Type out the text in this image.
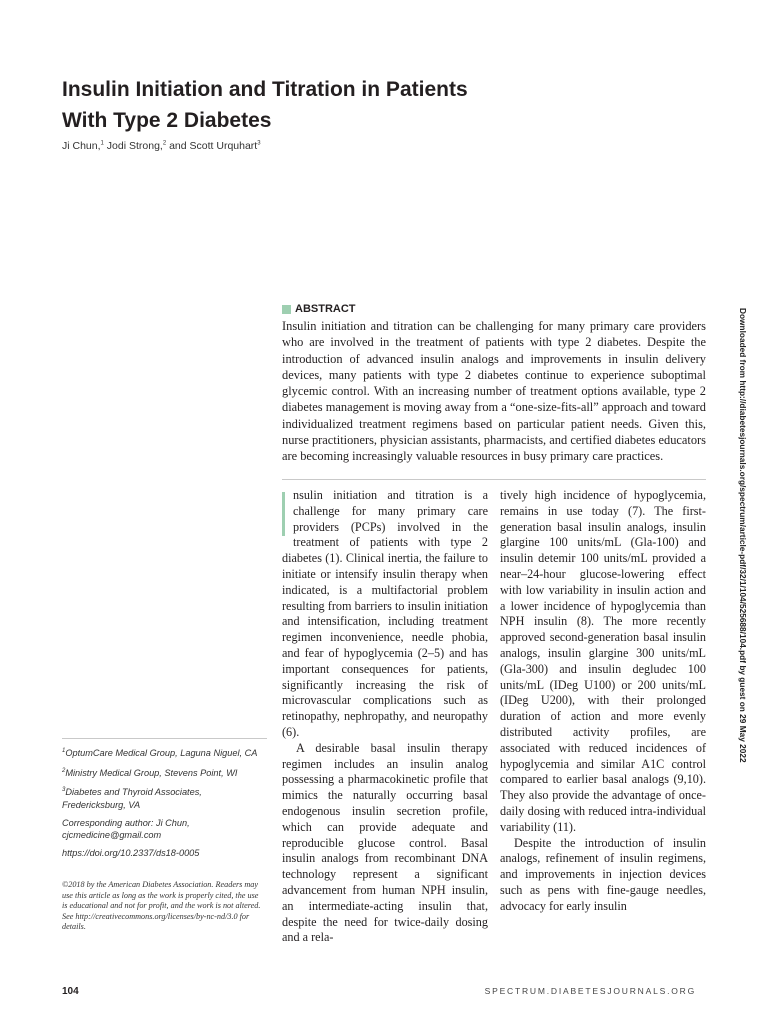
Insulin Initiation and Titration in Patients
With Type 2 Diabetes
Ji Chun,$^1$ Jodi Strong,$^2$ and Scott Urquhart$^3$
ABSTRACT

Insulin initiation and titration can be challenging for many primary care providers who are involved in the treatment of patients with type 2 diabetes. Despite the introduction of advanced insulin analogs and improvements in insulin delivery devices, many patients with type 2 diabetes continue to experience suboptimal glycemic control. With an increasing number of treatment options available, type 2 diabetes management is moving away from a “one-size-fits-all” approach and toward individualized treatment regimens based on particular patient needs. Given this, nurse practitioners, physician assistants, pharmacists, and certified diabetes educators are becoming increasingly valuable resources in busy primary care practices.

nsulin initiation and titration is a challenge for many primary care providers (PCPs) involved in the treatment of patients with type 2 diabetes (1). Clinical inertia, the failure to initiate or intensify insulin therapy when indicated, is a multifactorial problem resulting from barriers to insulin initiation and intensification, including treatment regimen inconvenience, needle phobia, and fear of hypoglycemia (2–5) and has important consequences for patients, significantly increasing the risk of microvascular complications such as retinopathy, nephropathy, and neuropathy (6).

A desirable basal insulin therapy regimen includes an insulin analog possessing a pharmacokinetic profile that mimics the naturally occurring basal endogenous insulin secretion profile, which can provide adequate and reproducible glucose control. Basal insulin analogs from recombinant DNA technology represent a significant advancement from human NPH insulin, an intermediate-acting insulin that, despite the need for twice-daily dosing and a rela-

tively high incidence of hypoglycemia, remains in use today (7). The first-generation basal insulin analogs, insulin glargine 100 units/mL (Gla-100) and insulin detemir 100 units/mL provided a near–24-hour glucose-lowering effect with low variability in insulin action and a lower incidence of hypoglycemia than NPH insulin (8). The more recently approved second-generation basal insulin analogs, insulin glargine 300 units/mL (Gla-300) and insulin degludec 100 units/mL (IDeg U100) or 200 units/mL (IDeg U200), with their prolonged duration of action and more evenly distributed activity profiles, are associated with reduced incidences of hypoglycemia and similar A1C control compared to earlier basal analogs (9,10). They also provide the advantage of once-daily dosing with reduced intra-individual variability (11).

Despite the introduction of insulin analogs, refinement of insulin regimens, and improvements in injection devices such as pens with fine-gauge needles, advocacy for early insulin

$^1$OptumCare Medical Group, Laguna Niguel, CA

$^2$Ministry Medical Group, Stevens Point, WI

$^3$Diabetes and Thyroid Associates, Fredericksburg, VA

Corresponding author: Ji Chun, cjcmedicine@gmail.com

https://doi.org/10.2337/ds18-0005

©2018 by the American Diabetes Association. Readers may use this article as long as the work is properly cited, the use is educational and not for profit, and the work is not altered. See http://creativecommons.org/licenses/by-nc-nd/3.0 for details.

Downloaded from http://diabetesjournals.org/spectrum/article-pdf/32/1/104/525688/104.pdf by guest on 29 May 2022
104	SPECTRUM.DIABETESJOURNALS.ORG
